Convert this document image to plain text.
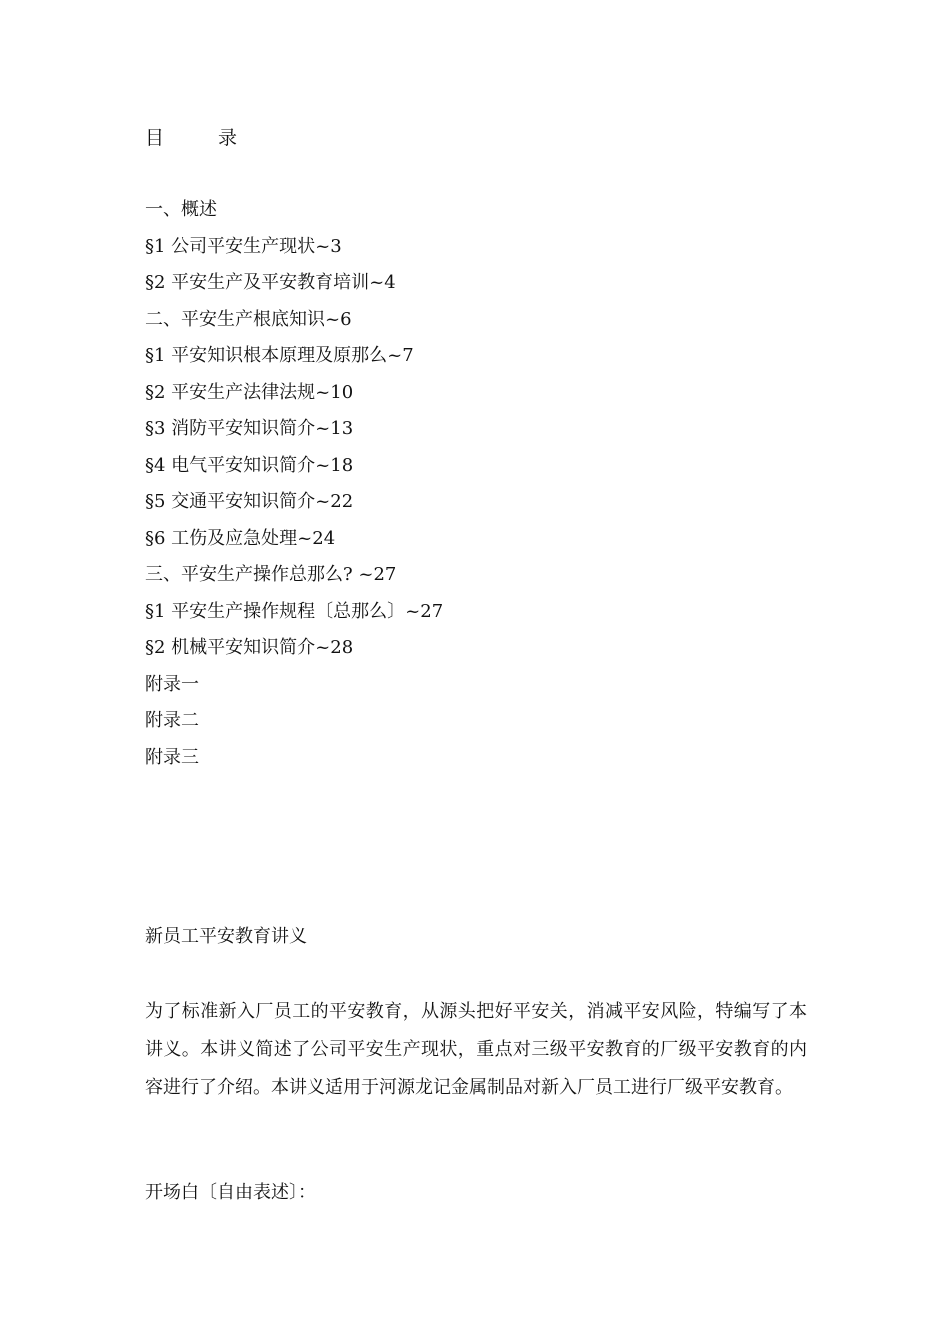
目 录
一、概述
§1 公司平安生产现状~3
§2 平安生产及平安教育培训~4
二、平安生产根底知识~6
§1 平安知识根本原理及原那么~7
§2 平安生产法律法规~10
§3 消防平安知识简介~13
§4 电气平安知识简介~18
§5 交通平安知识简介~22
§6 工伤及应急处理~24
三、平安生产操作总那么? ~27
§1 平安生产操作规程〔总那么〕~27
§2 机械平安知识简介~28
附录一
附录二
附录三
新员工平安教育讲义

为了标准新入厂员工的平安教育，从源头把好平安关，消减平安风险，特编写了本讲义。本讲义简述了公司平安生产现状，重点对三级平安教育的厂级平安教育的内容进行了介绍。本讲义适用于河源龙记金属制品对新入厂员工进行厂级平安教育。

开场白〔自由表述〕：
